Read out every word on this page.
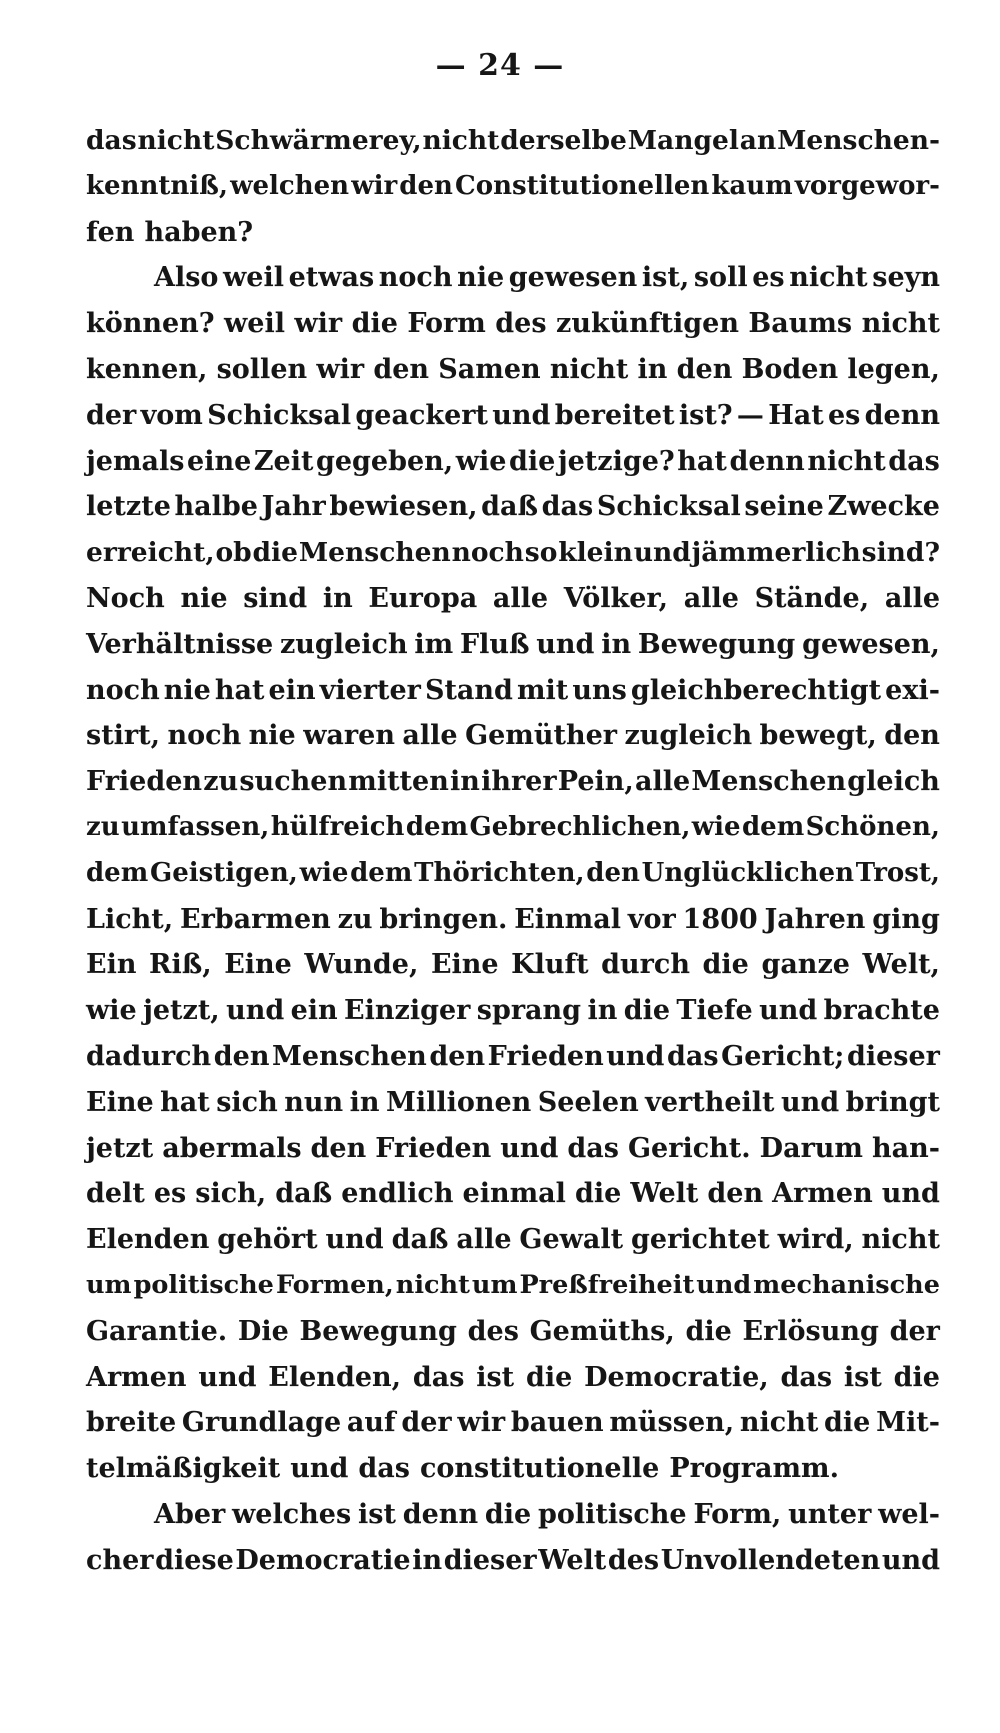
— 24 —
das nicht Schwärmerey, nicht derselbe Mangel an Menschen-
kenntniß, welchen wir den Constitutionellen kaum vorgewor-
fen haben?
Also weil etwas noch nie gewesen ist, soll es nicht seyn
können? weil wir die Form des zukünftigen Baums nicht
kennen, sollen wir den Samen nicht in den Boden legen,
der vom Schicksal geackert und bereitet ist? — Hat es denn
jemals eine Zeit gegeben, wie die jetzige? hat denn nicht das
letzte halbe Jahr bewiesen, daß das Schicksal seine Zwecke
erreicht, ob die Menschen noch so klein und jämmerlich sind?
Noch nie sind in Europa alle Völker, alle Stände, alle
Verhältnisse zugleich im Fluß und in Bewegung gewesen,
noch nie hat ein vierter Stand mit uns gleichberechtigt exi-
stirt, noch nie waren alle Gemüther zugleich bewegt, den
Frieden zu suchen mitten in ihrer Pein, alle Menschen gleich
zu umfassen, hülfreich dem Gebrechlichen, wie dem Schönen,
dem Geistigen, wie dem Thörichten, den Unglücklichen Trost,
Licht, Erbarmen zu bringen. Einmal vor 1800 Jahren ging
Ein Riß, Eine Wunde, Eine Kluft durch die ganze Welt,
wie jetzt, und ein Einziger sprang in die Tiefe und brachte
dadurch den Menschen den Frieden und das Gericht; dieser
Eine hat sich nun in Millionen Seelen vertheilt und bringt
jetzt abermals den Frieden und das Gericht. Darum han-
delt es sich, daß endlich einmal die Welt den Armen und
Elenden gehört und daß alle Gewalt gerichtet wird, nicht
um politische Formen, nicht um Preßfreiheit und mechanische
Garantie. Die Bewegung des Gemüths, die Erlösung der
Armen und Elenden, das ist die Democratie, das ist die
breite Grundlage auf der wir bauen müssen, nicht die Mit-
telmäßigkeit und das constitutionelle Programm.
Aber welches ist denn die politische Form, unter wel-
cher diese Democratie in dieser Welt des Unvollendeten und
